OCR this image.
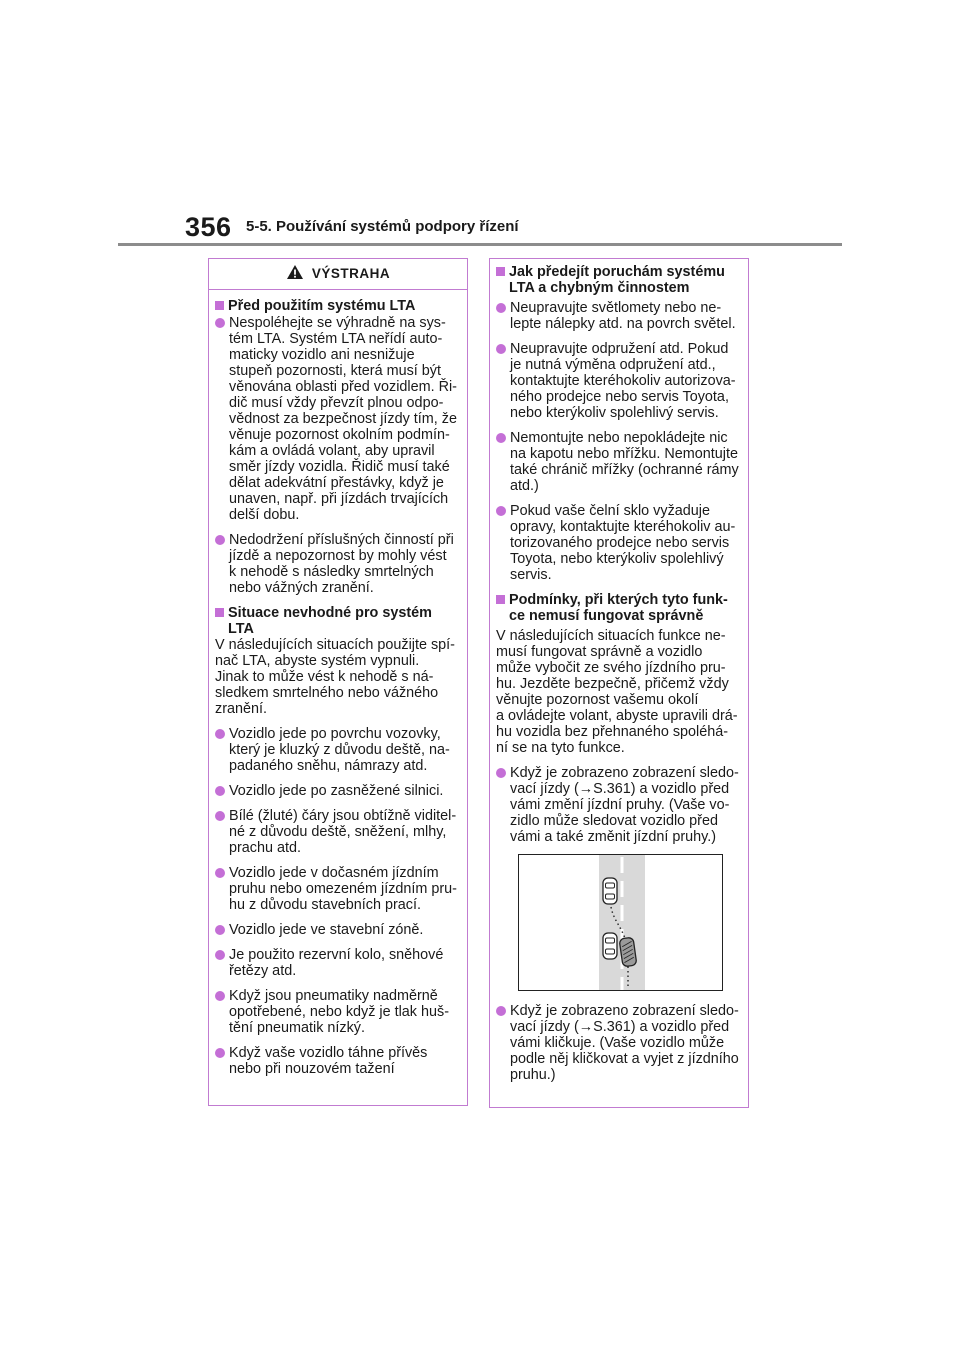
356 5-5. Používání systémů podpory řízení
VÝSTRAHA
Před použitím systému LTA
Nespoléhejte se výhradně na sys-
tém LTA. Systém LTA neřídí auto-
maticky vozidlo ani nesnižuje
stupeň pozornosti, která musí být
věnována oblasti před vozidlem. Ři-
dič musí vždy převzít plnou odpo-
vědnost za bezpečnost jízdy tím, že
věnuje pozornost okolním podmín-
kám a ovládá volant, aby upravil
směr jízdy vozidla. Řidič musí také
dělat adekvátní přestávky, když je
unaven, např. při jízdách trvajících
delší dobu.
Nedodržení příslušných činností při
jízdě a nepozornost by mohly vést
k nehodě s následky smrtelných
nebo vážných zranění.
Situace nevhodné pro systém
LTA
V následujících situacích použijte spí-
nač LTA, abyste systém vypnuli.
Jinak to může vést k nehodě s ná-
sledkem smrtelného nebo vážného
zranění.
Vozidlo jede po povrchu vozovky,
který je kluzký z důvodu deště, na-
padaného sněhu, námrazy atd.
Vozidlo jede po zasněžené silnici.
Bílé (žluté) čáry jsou obtížně viditel-
né z důvodu deště, sněžení, mlhy,
prachu atd.
Vozidlo jede v dočasném jízdním
pruhu nebo omezeném jízdním pru-
hu z důvodu stavebních prací.
Vozidlo jede ve stavební zóně.
Je použito rezervní kolo, sněhové
řetězy atd.
Když jsou pneumatiky nadměrně
opotřebené, nebo když je tlak huš-
tění pneumatik nízký.
Když vaše vozidlo táhne přívěs
nebo při nouzovém tažení
Jak předejít poruchám systému
LTA a chybným činnostem
Neupravujte světlomety nebo ne-
lepte nálepky atd. na povrch světel.
Neupravujte odpružení atd. Pokud
je nutná výměna odpružení atd.,
kontaktujte kteréhokoliv autorizova-
ného prodejce nebo servis Toyota,
nebo kterýkoliv spolehlivý servis.
Nemontujte nebo nepokládejte nic
na kapotu nebo mřížku. Nemontujte
také chránič mřížky (ochranné rámy
atd.)
Pokud vaše čelní sklo vyžaduje
opravy, kontaktujte kteréhokoliv au-
torizovaného prodejce nebo servis
Toyota, nebo kterýkoliv spolehlivý
servis.
Podmínky, při kterých tyto funk-
ce nemusí fungovat správně
V následujících situacích funkce ne-
musí fungovat správně a vozidlo
může vybočit ze svého jízdního pru-
hu. Jezděte bezpečně, přičemž vždy
věnujte pozornost vašemu okolí
a ovládejte volant, abyste upravili drá-
hu vozidla bez přehnaného spoléhá-
ní se na tyto funkce.
Když je zobrazeno zobrazení sledo-
vací jízdy (→S.361) a vozidlo před
vámi změní jízdní pruhy. (Vaše vo-
zidlo může sledovat vozidlo před
vámi a také změnit jízdní pruhy.)
Když je zobrazeno zobrazení sledo-
vací jízdy (→S.361) a vozidlo před
vámi kličkuje. (Vaše vozidlo může
podle něj kličkovat a vyjet z jízdního
pruhu.)
